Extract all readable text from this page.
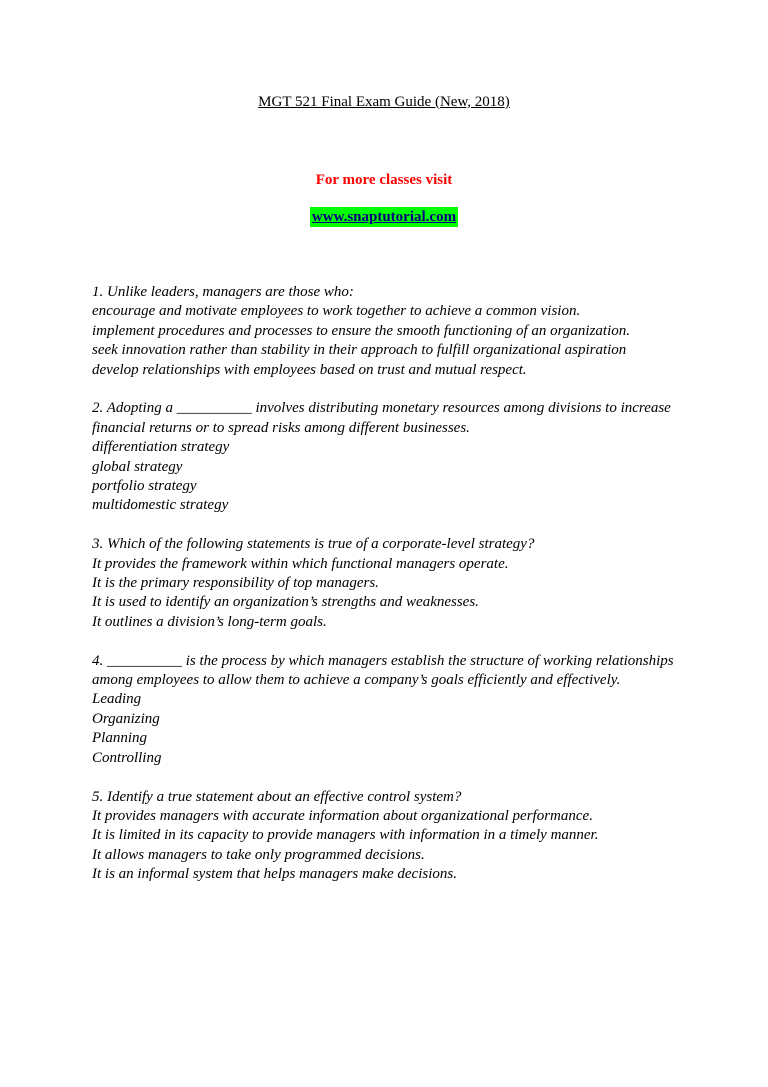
MGT 521 Final Exam Guide (New, 2018)
For more classes visit
www.snaptutorial.com

1. Unlike leaders, managers are those who:

encourage and motivate employees to work together to achieve a common vision.

implement procedures and processes to ensure the smooth functioning of an organization.

seek innovation rather than stability in their approach to fulfill organizational aspiration

develop relationships with employees based on trust and mutual respect.

2. Adopting a __________ involves distributing monetary resources among divisions to increase financial returns or to spread risks among different businesses.

differentiation strategy

global strategy

portfolio strategy

multidomestic strategy

3. Which of the following statements is true of a corporate-level strategy?

It provides the framework within which functional managers operate.

It is the primary responsibility of top managers.

It is used to identify an organization’s strengths and weaknesses.

It outlines a division’s long-term goals.

4. __________ is the process by which managers establish the structure of working relationships among employees to allow them to achieve a company’s goals efficiently and effectively.

Leading

Organizing

Planning

Controlling

5. Identify a true statement about an effective control system?

It provides managers with accurate information about organizational performance.

It is limited in its capacity to provide managers with information in a timely manner.

It allows managers to take only programmed decisions.

It is an informal system that helps managers make decisions.
